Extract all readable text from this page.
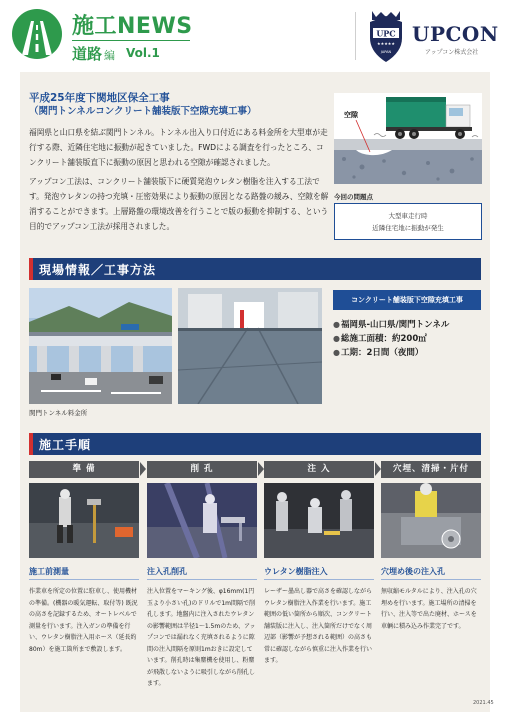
施工NEWS
道路 編 Vol.1
UPC
★★★★★
JAPAN
UPCON
アップコン株式会社
平成25年度下関地区保全工事
（関門トンネルコンクリート舗装版下空隙充填工事）

福岡県と山口県を結ぶ関門トンネル。トンネル出入り口付近にある料金所を大型車が走行する際、近隣住宅地に振動が起きていました。FWDによる調査を行ったところ、コンクリート舗装版直下に振動の原因と思われる空隙が確認されました。

アップコン工法は、コンクリート舗装版下に硬質発泡ウレタン樹脂を注入する工法です。発泡ウレタンの持つ充填・圧密効果により振動の原因となる路盤の緩み、空隙を解消することができます。上層路盤の環境改善を行うことで版の振動を抑制する、という目的でアップコン工法が採用されました。

空隙
今回の問題点
大型車走行時
近隣住宅地に振動が発生
現場情報／工事方法
関門トンネル料金所
コンクリート舗装版下空隙充填工事
● 福岡県-山口県/関門トンネル
● 総施工面積：約200㎡
● 工期：2日間（夜間）
施工手順
準 備
施工前測量
作業車を所定の位置に駐車し、使用機材の準備。(機器の暖気運転、取付等) 既況の高さを記録するため、オートレベルで測量を行います。注入ガンの準備を行い、ウレタン樹脂注入用ホース（延長約80m）を施工箇所まで敷設します。
削 孔
注入孔削孔
注入位置をマーキング後、φ16mm(1円玉より小さい孔)のドリルで1m間隔で削孔します。地盤内に注入されたウレタンの影響範囲は半径1～1.5mのため、アップコンでは漏れなく充填されるように隙間の注入間隔を原則1mおきに設定しています。削孔時は集塵機を使用し、粉塵が飛散しないように吸引しながら削孔します。
注 入
ウレタン樹脂注入
レーザー墨出し器で高さを確認しながらウレタン樹脂注入作業を行います。施工範囲の低い箇所から順次、コンクリート舗装版に注入し、注入箇所だけでなく周辺部（影響が予想される範囲）の高さも常に確認しながら慎重に注入作業を行います。
穴埋、清掃・片付
穴埋め後の注入孔
無収縮モルタルにより、注入孔の穴埋めを行います。施工場所の清掃を行い、注入等で出た廃材、ホースを車輌に積み込み作業完了です。
2021.45
